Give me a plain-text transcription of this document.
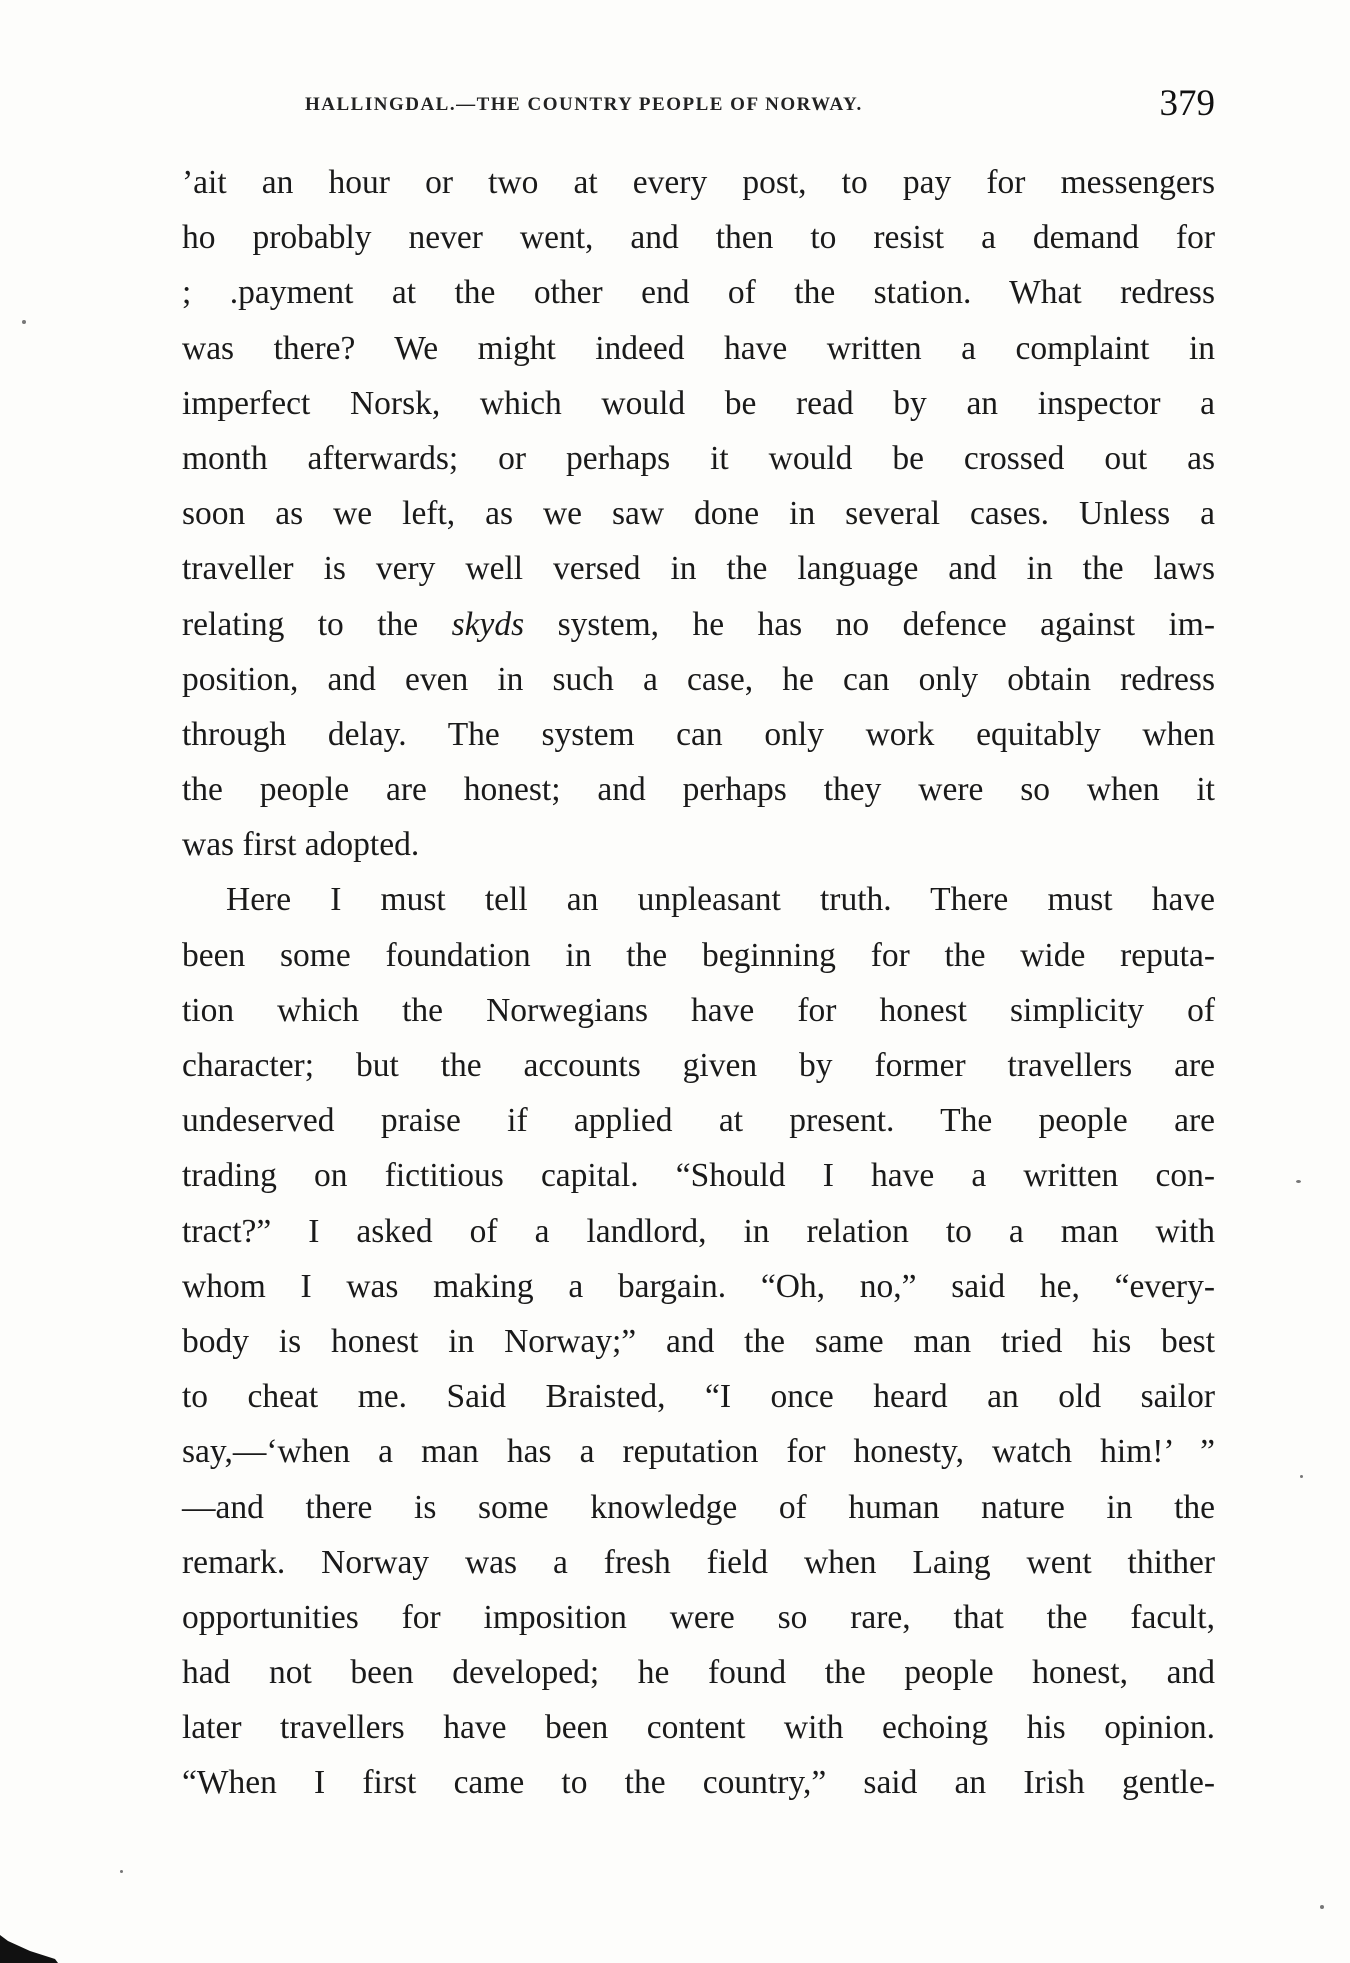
HALLINGDAL.—THE COUNTRY PEOPLE OF NORWAY.	379
’ait an hour or two at every post, to pay for messengers
ho probably never went, and then to resist a demand for
; .payment at the other end of the station. What redress
was there? We might indeed have written a complaint in
imperfect Norsk, which would be read by an inspector a
month afterwards; or perhaps it would be crossed out as
soon as we left, as we saw done in several cases. Unless a
traveller is very well versed in the language and in the laws
relating to the skyds system, he has no defence against im-
position, and even in such a case, he can only obtain redress
through delay. The system can only work equitably when
the people are honest; and perhaps they were so when it
was first adopted.
Here I must tell an unpleasant truth. There must have
been some foundation in the beginning for the wide reputa-
tion which the Norwegians have for honest simplicity of
character; but the accounts given by former travellers are
undeserved praise if applied at present. The people are
trading on fictitious capital. “Should I have a written con-
tract?” I asked of a landlord, in relation to a man with
whom I was making a bargain. “Oh, no,” said he, “every-
body is honest in Norway;” and the same man tried his best
to cheat me. Said Braisted, “I once heard an old sailor
say,—‘when a man has a reputation for honesty, watch him!’ ”
—and there is some knowledge of human nature in the
remark. Norway was a fresh field when Laing went thither
opportunities for imposition were so rare, that the facult,
had not been developed; he found the people honest, and
later travellers have been content with echoing his opinion.
“When I first came to the country,” said an Irish gentle-
